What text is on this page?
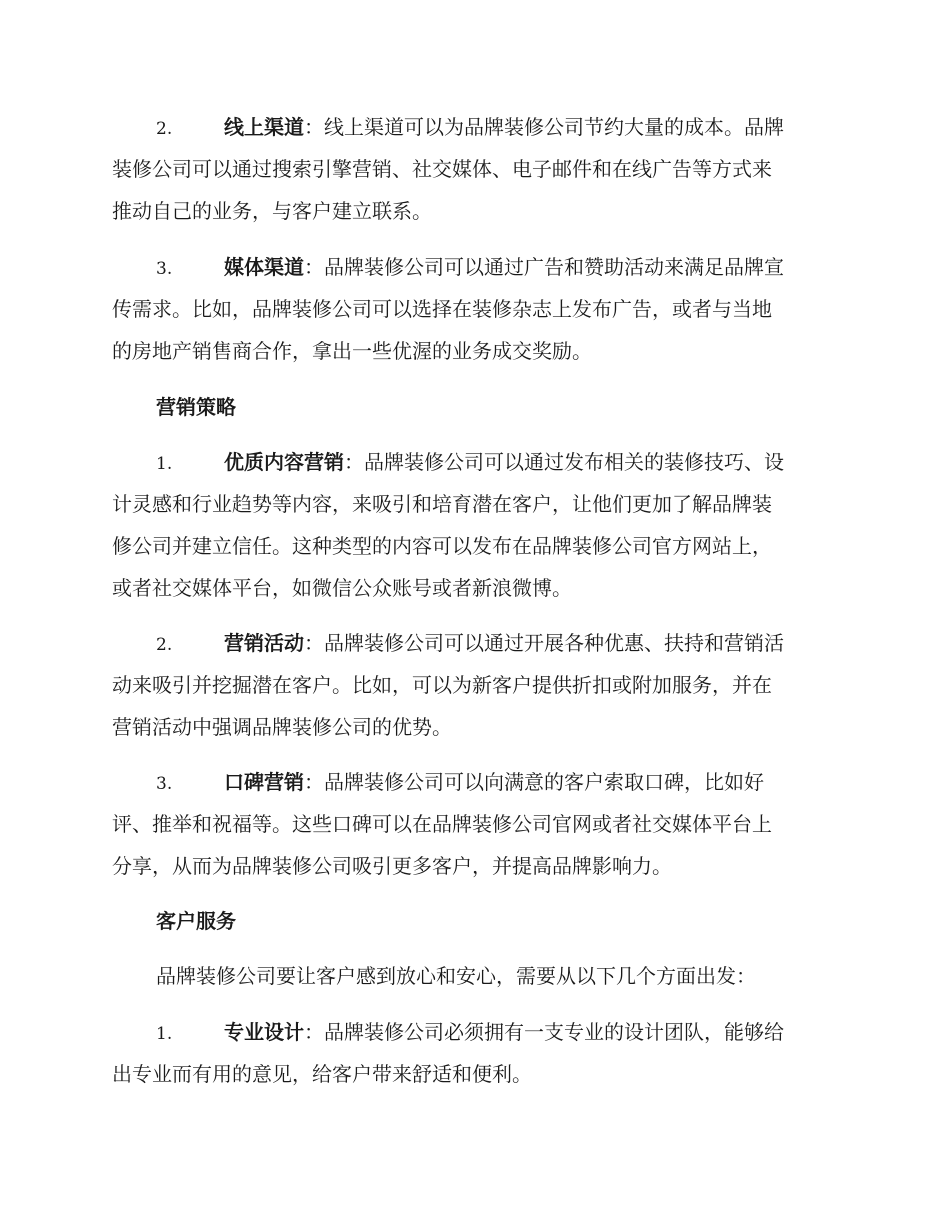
2.	线上渠道：线上渠道可以为品牌装修公司节约大量的成本。品牌
装修公司可以通过搜索引擎营销、社交媒体、电子邮件和在线广告等方式来
推动自己的业务，与客户建立联系。
3.	媒体渠道：品牌装修公司可以通过广告和赞助活动来满足品牌宣
传需求。比如，品牌装修公司可以选择在装修杂志上发布广告，或者与当地
的房地产销售商合作，拿出一些优渥的业务成交奖励。
营销策略
1.	优质内容营销：品牌装修公司可以通过发布相关的装修技巧、设
计灵感和行业趋势等内容，来吸引和培育潜在客户，让他们更加了解品牌装
修公司并建立信任。这种类型的内容可以发布在品牌装修公司官方网站上，
或者社交媒体平台，如微信公众账号或者新浪微博。
2.	营销活动：品牌装修公司可以通过开展各种优惠、扶持和营销活
动来吸引并挖掘潜在客户。比如，可以为新客户提供折扣或附加服务，并在
营销活动中强调品牌装修公司的优势。
3.	口碑营销：品牌装修公司可以向满意的客户索取口碑，比如好
评、推举和祝福等。这些口碑可以在品牌装修公司官网或者社交媒体平台上
分享，从而为品牌装修公司吸引更多客户，并提高品牌影响力。
客户服务
品牌装修公司要让客户感到放心和安心，需要从以下几个方面出发：
1.	专业设计：品牌装修公司必须拥有一支专业的设计团队，能够给
出专业而有用的意见，给客户带来舒适和便利。
